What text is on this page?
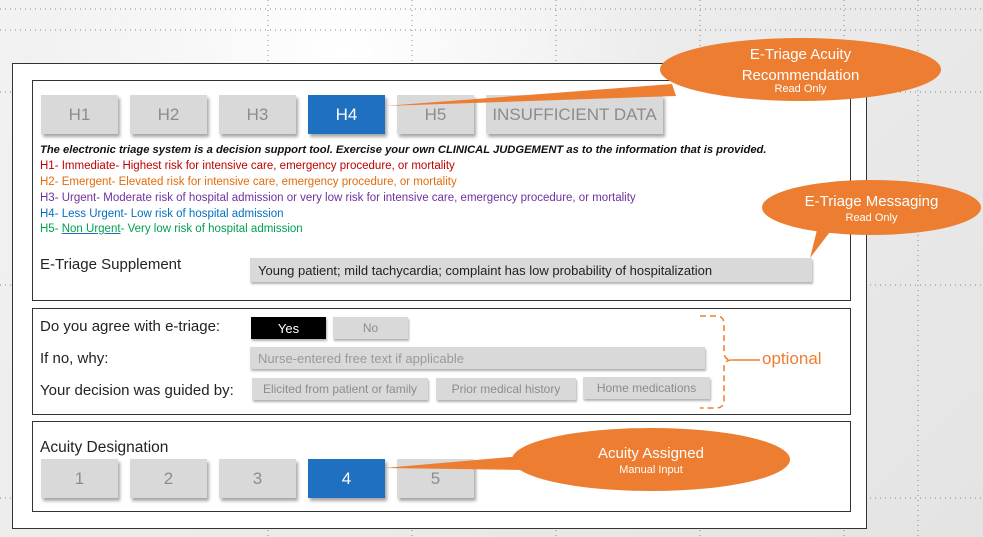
H1	H2	H3	H4	H5	INSUFFICIENT DATA
The electronic triage system is a decision support tool. Exercise your own CLINICAL JUDGEMENT as to the information that is provided.
H1- Immediate- Highest risk for intensive care, emergency procedure, or mortality
H2- Emergent- Elevated risk for intensive care, emergency procedure, or mortality
H3- Urgent- Moderate risk of hospital admission or very low risk for intensive care, emergency procedure, or mortality
H4- Less Urgent- Low risk of hospital admission
H5- Non Urgent- Very low risk of hospital admission
E-Triage Supplement	Young patient; mild tachycardia; complaint has low probability of hospitalization
Do you agree with e-triage:	Yes	No
If no, why:	Nurse-entered free text if applicable
Your decision was guided by:	Elicited from patient or family	Prior medical history	Home medications
optional
Acuity Designation
1	2	3	4	5
E-Triage Acuity
Recommendation
Read Only
E-Triage Messaging
Read Only
Acuity Assigned
Manual Input
